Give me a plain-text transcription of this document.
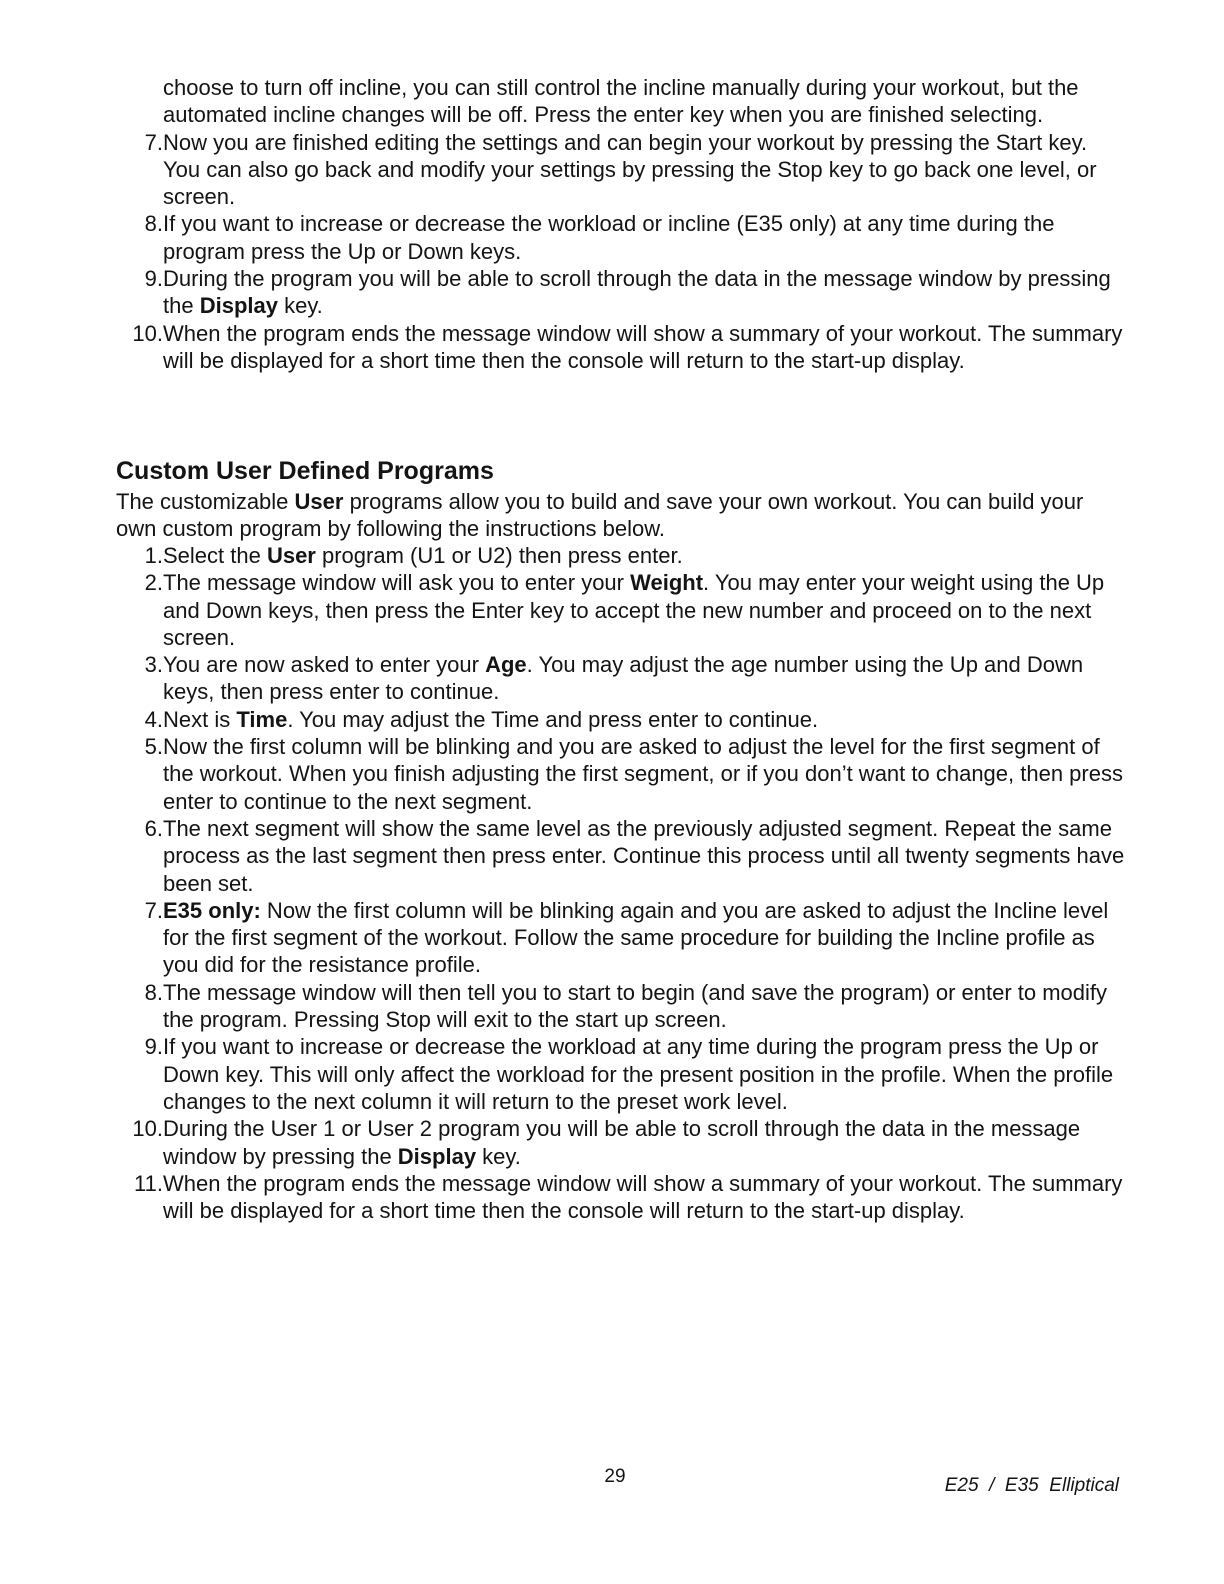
choose to turn off incline, you can still control the incline manually during your workout, but the automated incline changes will be off. Press the enter key when you are finished selecting.
7. Now you are finished editing the settings and can begin your workout by pressing the Start key. You can also go back and modify your settings by pressing the Stop key to go back one level, or screen.
8. If you want to increase or decrease the workload or incline (E35 only) at any time during the program press the Up or Down keys.
9. During the program you will be able to scroll through the data in the message window by pressing the Display key.
10. When the program ends the message window will show a summary of your workout. The summary will be displayed for a short time then the console will return to the start-up display.
Custom User Defined Programs

The customizable User programs allow you to build and save your own workout. You can build your own custom program by following the instructions below.

1. Select the User program (U1 or U2) then press enter.
2. The message window will ask you to enter your Weight. You may enter your weight using the Up and Down keys, then press the Enter key to accept the new number and proceed on to the next screen.
3. You are now asked to enter your Age. You may adjust the age number using the Up and Down keys, then press enter to continue.
4. Next is Time. You may adjust the Time and press enter to continue.
5. Now the first column will be blinking and you are asked to adjust the level for the first segment of the workout. When you finish adjusting the first segment, or if you don’t want to change, then press enter to continue to the next segment.
6. The next segment will show the same level as the previously adjusted segment. Repeat the same process as the last segment then press enter. Continue this process until all twenty segments have been set.
7. E35 only: Now the first column will be blinking again and you are asked to adjust the Incline level for the first segment of the workout. Follow the same procedure for building the Incline profile as you did for the resistance profile.
8. The message window will then tell you to start to begin (and save the program) or enter to modify the program. Pressing Stop will exit to the start up screen.
9. If you want to increase or decrease the workload at any time during the program press the Up or Down key. This will only affect the workload for the present position in the profile. When the profile changes to the next column it will return to the preset work level.
10. During the User 1 or User 2 program you will be able to scroll through the data in the message window by pressing the Display key.
11. When the program ends the message window will show a summary of your workout. The summary will be displayed for a short time then the console will return to the start-up display.
29	E25  /  E35  Elliptical
